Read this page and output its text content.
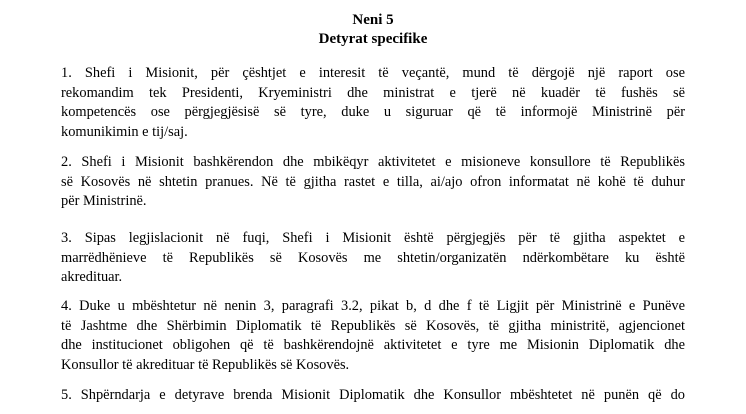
Neni 5
Detyrat specifike
1. Shefi i Misionit, për çështjet e interesit të veçantë, mund të dërgojë një raport ose
rekomandim tek Presidenti, Kryeministri dhe ministrat e tjerë në kuadër të fushës së
kompetencës ose përgjegjësisë së tyre, duke u siguruar që të informojë Ministrinë për
komunikimin e tij/saj.
2. Shefi i Misionit bashkërendon dhe mbikëqyr aktivitetet e misioneve konsullore të Republikës
së Kosovës në shtetin pranues. Në të gjitha rastet e tilla, ai/ajo ofron informatat në kohë të duhur
për Ministrinë.
3. Sipas legjislacionit në fuqi, Shefi i Misionit është përgjegjës për të gjitha aspektet e
marrëdhënieve të Republikës së Kosovës me shtetin/organizatën ndërkombëtare ku është
akredituar.
4. Duke u mbështetur në nenin 3, paragrafi 3.2, pikat b, d dhe f të Ligjit për Ministrinë e Punëve
të Jashtme dhe Shërbimin Diplomatik të Republikës së Kosovës, të gjitha ministritë, agjencionet
dhe institucionet obligohen që të bashkërendojnë aktivitetet e tyre me Misionin Diplomatik dhe
Konsullor të akredituar të Republikës së Kosovës.
5. Shpërndarja e detyrave brenda Misionit Diplomatik dhe Konsullor mbështetet në punën që do
